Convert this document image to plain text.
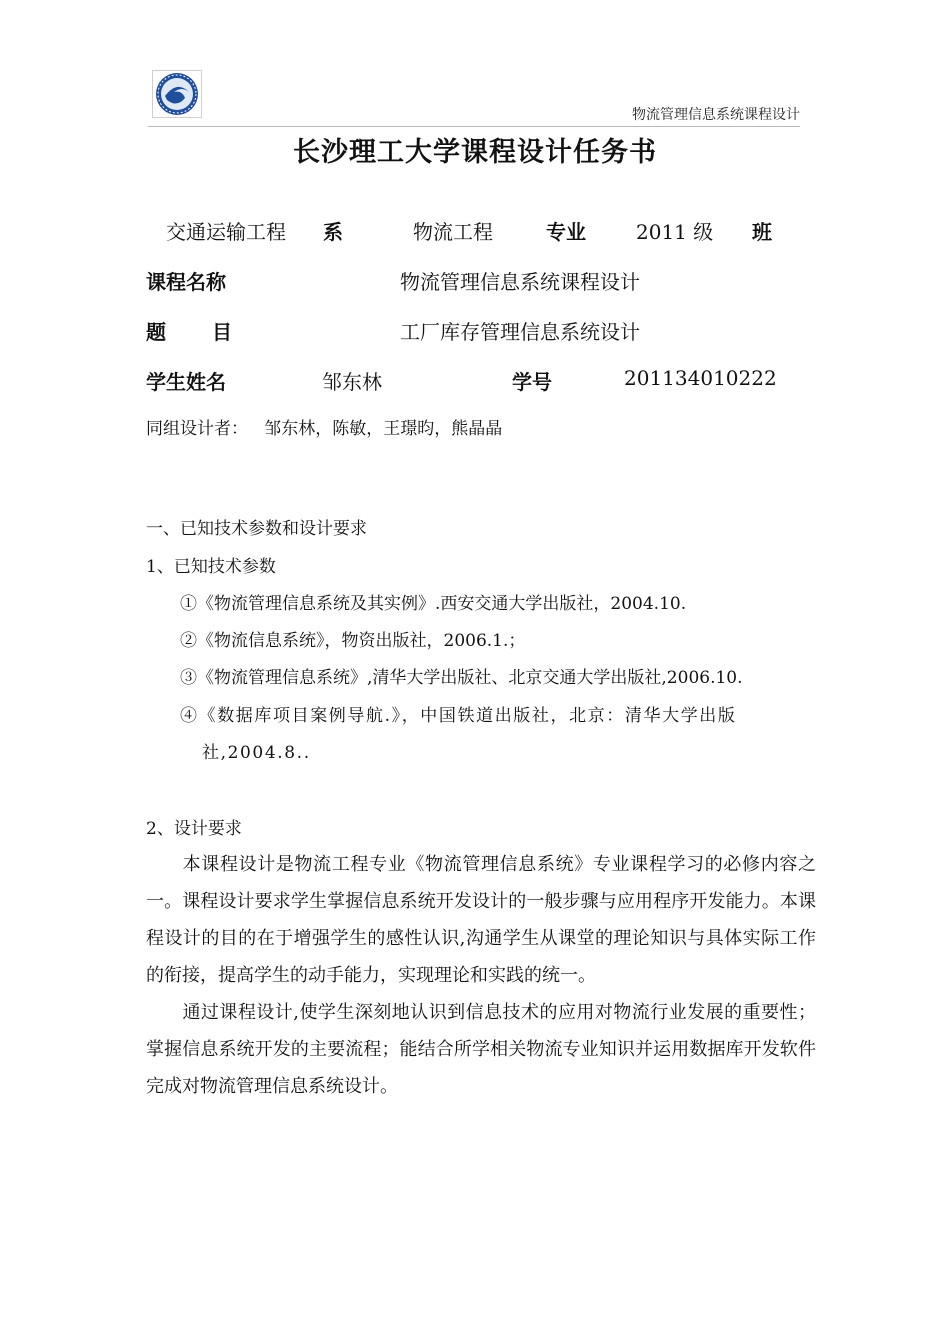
物流管理信息系统课程设计
长沙理工大学课程设计任务书
交通运输工程 系	物流工程	专业	2011 级 班
课程名称	物流管理信息系统课程设计
题 目	工厂库存管理信息系统设计
学生姓名	邹东林	学号	201134010222
同组设计者：   邹东林，陈敏，王璟昀，熊晶晶
一、已知技术参数和设计要求
1、已知技术参数
①《物流管理信息系统及其实例》.西安交通大学出版社，2004.10.
②《物流信息系统》，物资出版社，2006.1.；
③《物流管理信息系统》,清华大学出版社、北京交通大学出版社,2006.10.
④《数据库项目案例导航.》，中国铁道出版社，北京：清华大学出版
社,2004.8..
2、设计要求
本课程设计是物流工程专业《物流管理信息系统》专业课程学习的必修内容之一。课程设计要求学生掌握信息系统开发设计的一般步骤与应用程序开发能力。本课程设计的目的在于增强学生的感性认识,沟通学生从课堂的理论知识与具体实际工作的衔接，提高学生的动手能力，实现理论和实践的统一。
通过课程设计,使学生深刻地认识到信息技术的应用对物流行业发展的重要性；掌握信息系统开发的主要流程；能结合所学相关物流专业知识并运用数据库开发软件完成对物流管理信息系统设计。
